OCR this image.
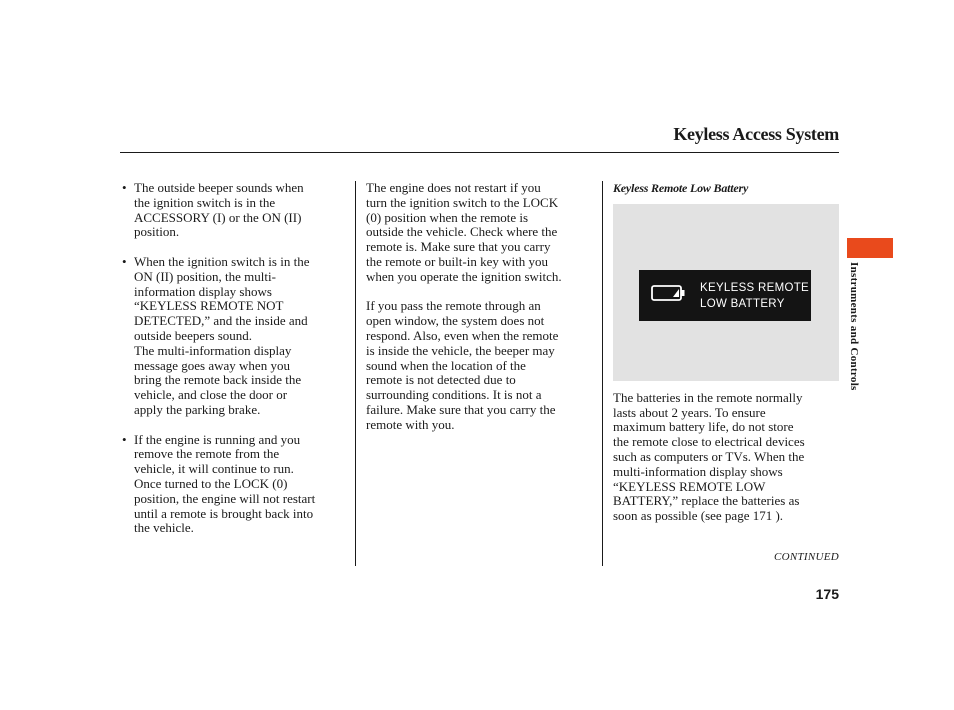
Keyless Access System
• The outside beeper sounds when
the ignition switch is in the
ACCESSORY (I) or the ON (II)
position.
• When the ignition switch is in the
ON (II) position, the multi-
information display shows
“KEYLESS REMOTE NOT
DETECTED,” and the inside and
outside beepers sound.
The multi-information display
message goes away when you
bring the remote back inside the
vehicle, and close the door or
apply the parking brake.
• If the engine is running and you
remove the remote from the
vehicle, it will continue to run.
Once turned to the LOCK (0)
position, the engine will not restart
until a remote is brought back into
the vehicle.
The engine does not restart if you
turn the ignition switch to the LOCK
(0) position when the remote is
outside the vehicle. Check where the
remote is. Make sure that you carry
the remote or built-in key with you
when you operate the ignition switch.
If you pass the remote through an
open window, the system does not
respond. Also, even when the remote
is inside the vehicle, the beeper may
sound when the location of the
remote is not detected due to
surrounding conditions. It is not a
failure. Make sure that you carry the
remote with you.
Keyless Remote Low Battery
KEYLESS REMOTE
LOW BATTERY
The batteries in the remote normally
lasts about 2 years. To ensure
maximum battery life, do not store
the remote close to electrical devices
such as computers or TVs. When the
multi-information display shows
“KEYLESS REMOTE LOW
BATTERY,” replace the batteries as
soon as possible (see page 171 ).
CONTINUED
175
Instruments and Controls
